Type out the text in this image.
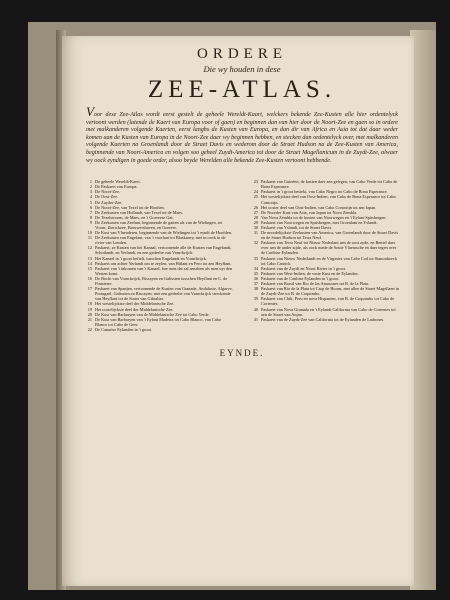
ORDERE
Die wy houden in dese
ZEE-ATLAS.
Voor dese Zee-Atlas wordt eerst gestelt de geheele Wereldt-Kaart, welckers bekende Zee-Kusten alle hier ordentelyck vertoont werden (latende de Kaert van Europa voor of gaen) en beginnen dan van hier door de Noort-Zee en gaen so in ordere met malkanderen volgende Kaerten, eerst langhs de Kusten van Europa, en dan dir van Africa en Asia tot dat daar weder komen aan de Kusten van Europa in de Noort-Zee daer wy beginnen hebben, en stecken dan ordentelyck over, met malkanderen volgende Kaerten na Groenlandt door de Straet Davis en wederom door de Straet Hudson na de Zee-Kusten van America, beginnende van Noort-America en volgen soo geheel Zuydt-America tot door de Straet Magellanicum in de Zuydt-Zee, alwaer wy oock eyndigen in goede order, alsoo beyde Werelden alle bekende Zee-Kusten vertoont hebbende.
1 De geheele Wereldt-Kaert.
2 De Paskaert van Europa.
3 De Noort-Zee.
4 De Oost-Zee.
5 De Zuyder-Zee.
6 De Noort-Zee, van Texel tot de Hooften.
7 De Zeekusten van Hollandt, van Texel tot de Maes.
8 De Texelstroom, de Maes, en 't Goereese Gat.
9 De Zeekusten van Zeelant, beginnende de gatten als van de Wielingen, tot Voorn, Zierickzee, Brouwershaven, en Goereer.
10 De Kust van Vlaenderen, beginnende van de Wielingen tot 't eyndt de Hoofden.
11 De Zeekusten van Engelant, van 't voorlant tot Blaskaney, met in oock in de rivier van Londen.
12 Paskaert, ze Kusten van het Kanaal, vertoonende alle de Kusten van Engelandt, Schotlandt, en Yerlandt, en een gedeelte van Vranckrijck.
13 Het Kanael in 't groot beftelt, tusschen Engelandt en Vranckrijck.
14 Paskaert om achter Yerlandt om te zeylen, van Hitlant en Fero tot aen Heyflant.
15 Paskaert van 't inkomen van 't Kanael, hoe men dat sal aendoen als men uyt den Westen komt.
16 De Bocht van Vranckrijck, Biscayen en Galissien tusschen Heyflant en C. de Finisterre.
17 Paskaert van Spanjen, vertoonende de Kusten van Granade, Andalusie, Algarve, Portugael, Galissien en Biscayen, met een gedeelte van Vranckrijck streckende van Heyflant tot de Straet van Gibraltar.
18 Het westelijckste deel der Middelantsche Zee.
19 Het oostelijckste deel der Middelantsche Zee.
20 De Kust van Barbaryen van de Middelantsche Zee tot Cabo Verde.
21 De Kust van Barbaryen van 't Eylant Madeira tot Cabo Blanco, van Cabo Blanco tot Cabo de Geer.
22 De Canarise Eylanden in 't groot.
23 Paskaert van Guinéen, de kusten daer aen gelegen, van Cabo Verde tot Cabo de Bona Esperance.
24 Paskaert in 't groot bestekt, van Cabo Negro tot Cabo de Bona Esperance.
25 Het westelijckste deel van Oost-Indien, van Cabo de Bona Esperance tot Cabo Comorijn.
26 Het ooster deel van Oost-Indien, van Cabo Comorijn tot aen Iapan.
27 De Noorder Kust van Asia, van Japan tot Nova Zembla.
28 Van Nova Zembla tot de kusten van Noorwegen en 't Eylant Spitsbergen.
29 Paskaert van Noorwegen en Spitsbergen, met Groenlant en Yslandt.
30 Paskaert van Yslandt, tot de Straet Davis.
31 De noordelijckste Zeekusten van America, van Groenlandt door de Straet Davis en de Straet Hudson tot Terra Neuf.
32 Paskaert van Terra Neuf tot Nieuw Nederlant aen de oost zyde, en Beniel daer over aen de ander zijde, als oock mede de Soute Vlaemsche en daer tegen over de Caribise Eylanden.
33 Paskaert van Nieuw Nederlandt en de Virginies van Cabo Cod tot Stanonhoeck tot Cabo Canrick.
34 Paskaert van de Zuydt en Noort Rivier in 't groot.
35 Paskaert van West-Indien, de vaste Kust en de Eylanden.
36 Paskaert van de Caribise Eylanden in 't groot.
37 Paskaert van Brasil van Rio de las Amasones tot R. de la Plata.
38 Paskaert van Rio de la Plata tot Carp de Hoorn, met allee de Straet Magellaen in de Zuydt-Zee tot B. de Coquimbo.
39 Paskaert van Chili, Peru en nova Hispanien, van B. de Coquimbo tot Cabo de Corientes.
40 Paskaert van Nova Granada en 't Eylandt California van Cabo de Corientes tot aen de Straet van Anjan.
41 Paskaert van de Zuydt-Zee van California tot de Eylanden de Ladrones.
EYNDE.
